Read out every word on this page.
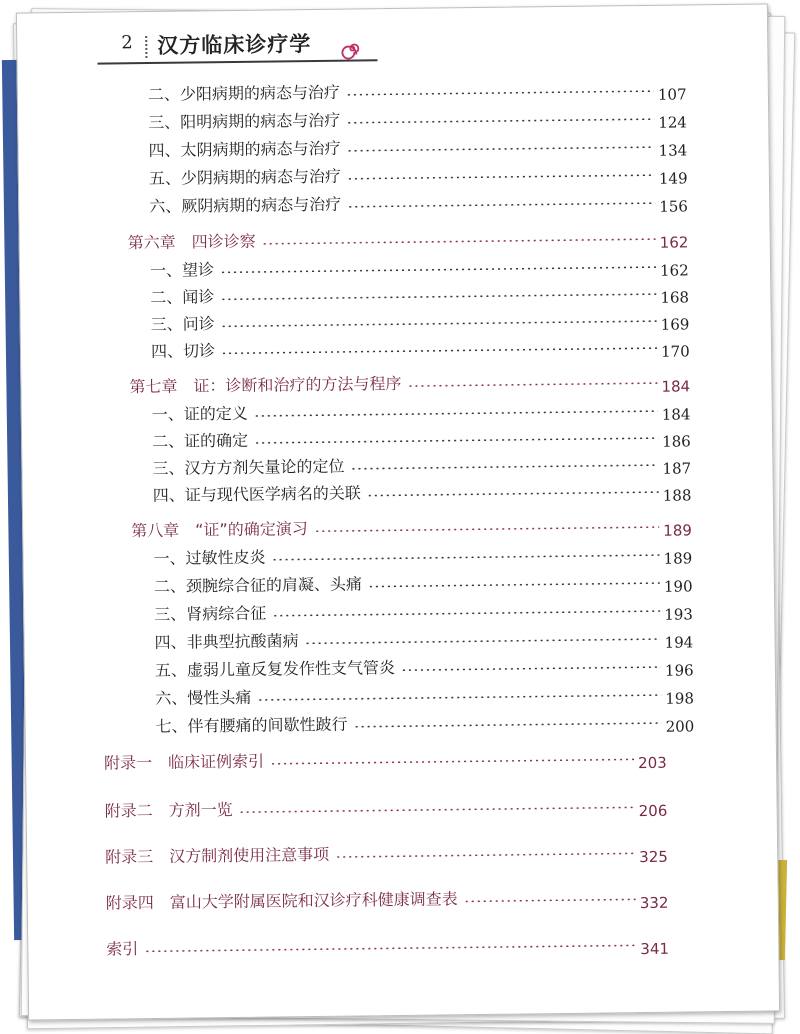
2 汉方临床诊疗学
二、少阳病期的病态与治疗	107
三、阳明病期的病态与治疗	124
四、太阴病期的病态与治疗	134
五、少阴病期的病态与治疗	149
六、厥阴病期的病态与治疗	156
第六章　四诊诊察	162
一、望诊	162
二、闻诊	168
三、问诊	169
四、切诊	170
第七章　证：诊断和治疗的方法与程序	184
一、证的定义	184
二、证的确定	186
三、汉方方剂矢量论的定位	187
四、证与现代医学病名的关联	188
第八章　“证”的确定演习	189
一、过敏性皮炎	189
二、颈腕综合征的肩凝、头痛	190
三、肾病综合征	193
四、非典型抗酸菌病	194
五、虚弱儿童反复发作性支气管炎	196
六、慢性头痛	198
七、伴有腰痛的间歇性跛行	200
附录一　临床证例索引	203
附录二　方剂一览	206
附录三　汉方制剂使用注意事项	325
附录四　富山大学附属医院和汉诊疗科健康调查表	332
索引	341
